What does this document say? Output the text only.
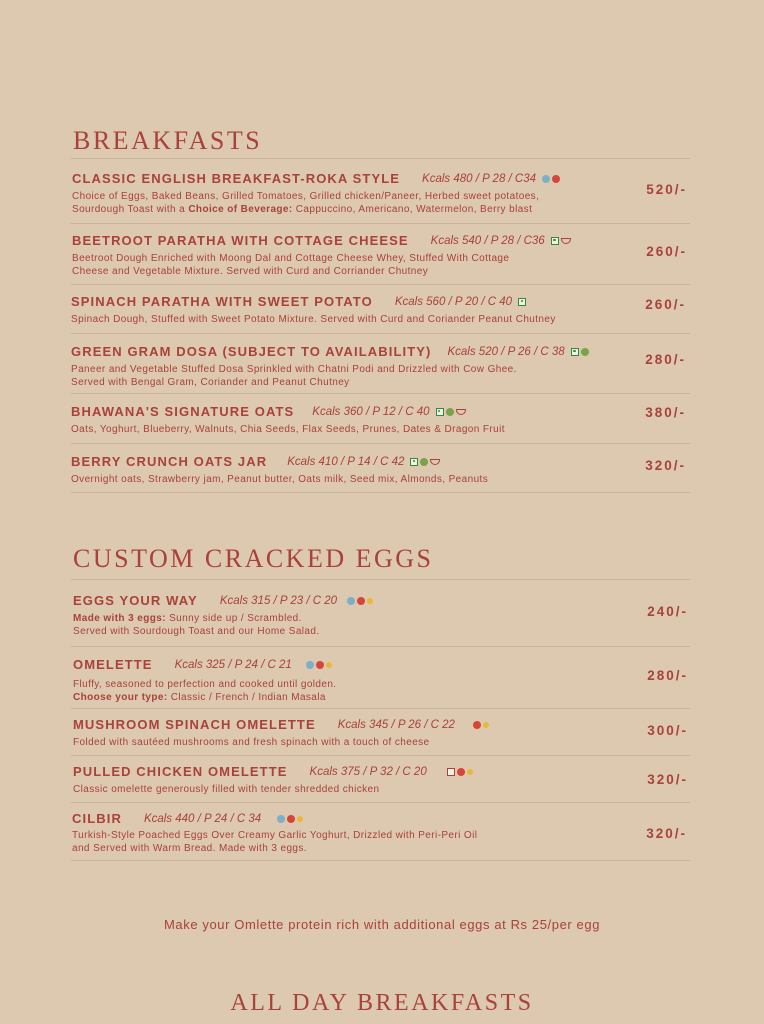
BREAKFASTS
CLASSIC ENGLISH BREAKFAST-ROKA STYLE Kcals 480 / P 28 / C34
Choice of Eggs, Baked Beans, Grilled Tomatoes, Grilled chicken/Paneer, Herbed sweet potatoes,
Sourdough Toast with a Choice of Beverage: Cappuccino, Americano, Watermelon, Berry blast
520/-
BEETROOT PARATHA WITH COTTAGE CHEESE Kcals 540 / P 28 / C36
Beetroot Dough Enriched with Moong Dal and Cottage Cheese Whey, Stuffed With Cottage
Cheese and Vegetable Mixture. Served with Curd and Corriander Chutney
260/-
SPINACH PARATHA WITH SWEET POTATO Kcals 560 / P 20 / C 40
Spinach Dough, Stuffed with Sweet Potato Mixture. Served with Curd and Coriander Peanut Chutney
260/-
GREEN GRAM DOSA (SUBJECT TO AVAILABILITY) Kcals 520 / P 26 / C 38
Paneer and Vegetable Stuffed Dosa Sprinkled with Chatni Podi and Drizzled with Cow Ghee.
Served with Bengal Gram, Coriander and Peanut Chutney
280/-
BHAWANA'S SIGNATURE OATS Kcals 360 / P 12 / C 40
Oats, Yoghurt, Blueberry, Walnuts, Chia Seeds, Flax Seeds, Prunes, Dates & Dragon Fruit
380/-
BERRY CRUNCH OATS JAR Kcals 410 / P 14 / C 42
Overnight oats, Strawberry jam, Peanut butter, Oats milk, Seed mix, Almonds, Peanuts
320/-
CUSTOM CRACKED EGGS
EGGS YOUR WAY Kcals 315 / P 23 / C 20
Made with 3 eggs: Sunny side up / Scrambled.
Served with Sourdough Toast and our Home Salad.
240/-
OMELETTE Kcals 325 / P 24 / C 21
Fluffy, seasoned to perfection and cooked until golden.
Choose your type: Classic / French / Indian Masala
280/-
MUSHROOM SPINACH OMELETTE Kcals 345 / P 26 / C 22
Folded with sautéed mushrooms and fresh spinach with a touch of cheese
300/-
PULLED CHICKEN OMELETTE Kcals 375 / P 32 / C 20
Classic omelette generously filled with tender shredded chicken
320/-
CILBIR Kcals 440 / P 24 / C 34
Turkish-Style Poached Eggs Over Creamy Garlic Yoghurt, Drizzled with Peri-Peri Oil
and Served with Warm Bread. Made with 3 eggs.
320/-
Make your Omlette protein rich with additional eggs at Rs 25/per egg
ALL DAY BREAKFASTS
